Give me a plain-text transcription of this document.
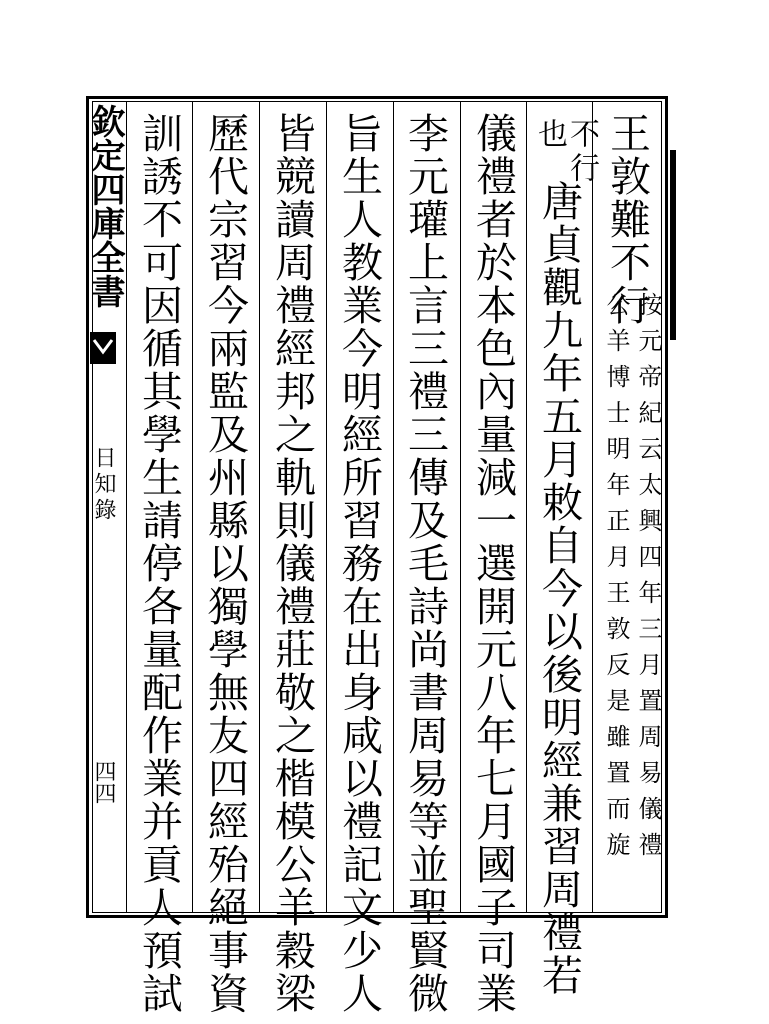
欽定四庫全書
日知錄
四四
王敦難不行
按元帝紀云太興四年三月置周易儀禮
公羊博士明年正月王敦反是雖置而旋
也
不行
唐貞觀九年五月敕自今以後明經兼習周禮若
儀禮者於本色內量減一選開元八年七月國子司業
李元瓘上言三禮三傳及毛詩尚書周易等並聖賢微
旨生人教業今明經所習務在出身咸以禮記文少人
皆競讀周禮經邦之軌則儀禮莊敬之楷模公羊穀梁
歷代宗習今兩監及州縣以獨學無友四經殆絕事資
訓誘不可因循其學生請停各量配作業并貢人預試
